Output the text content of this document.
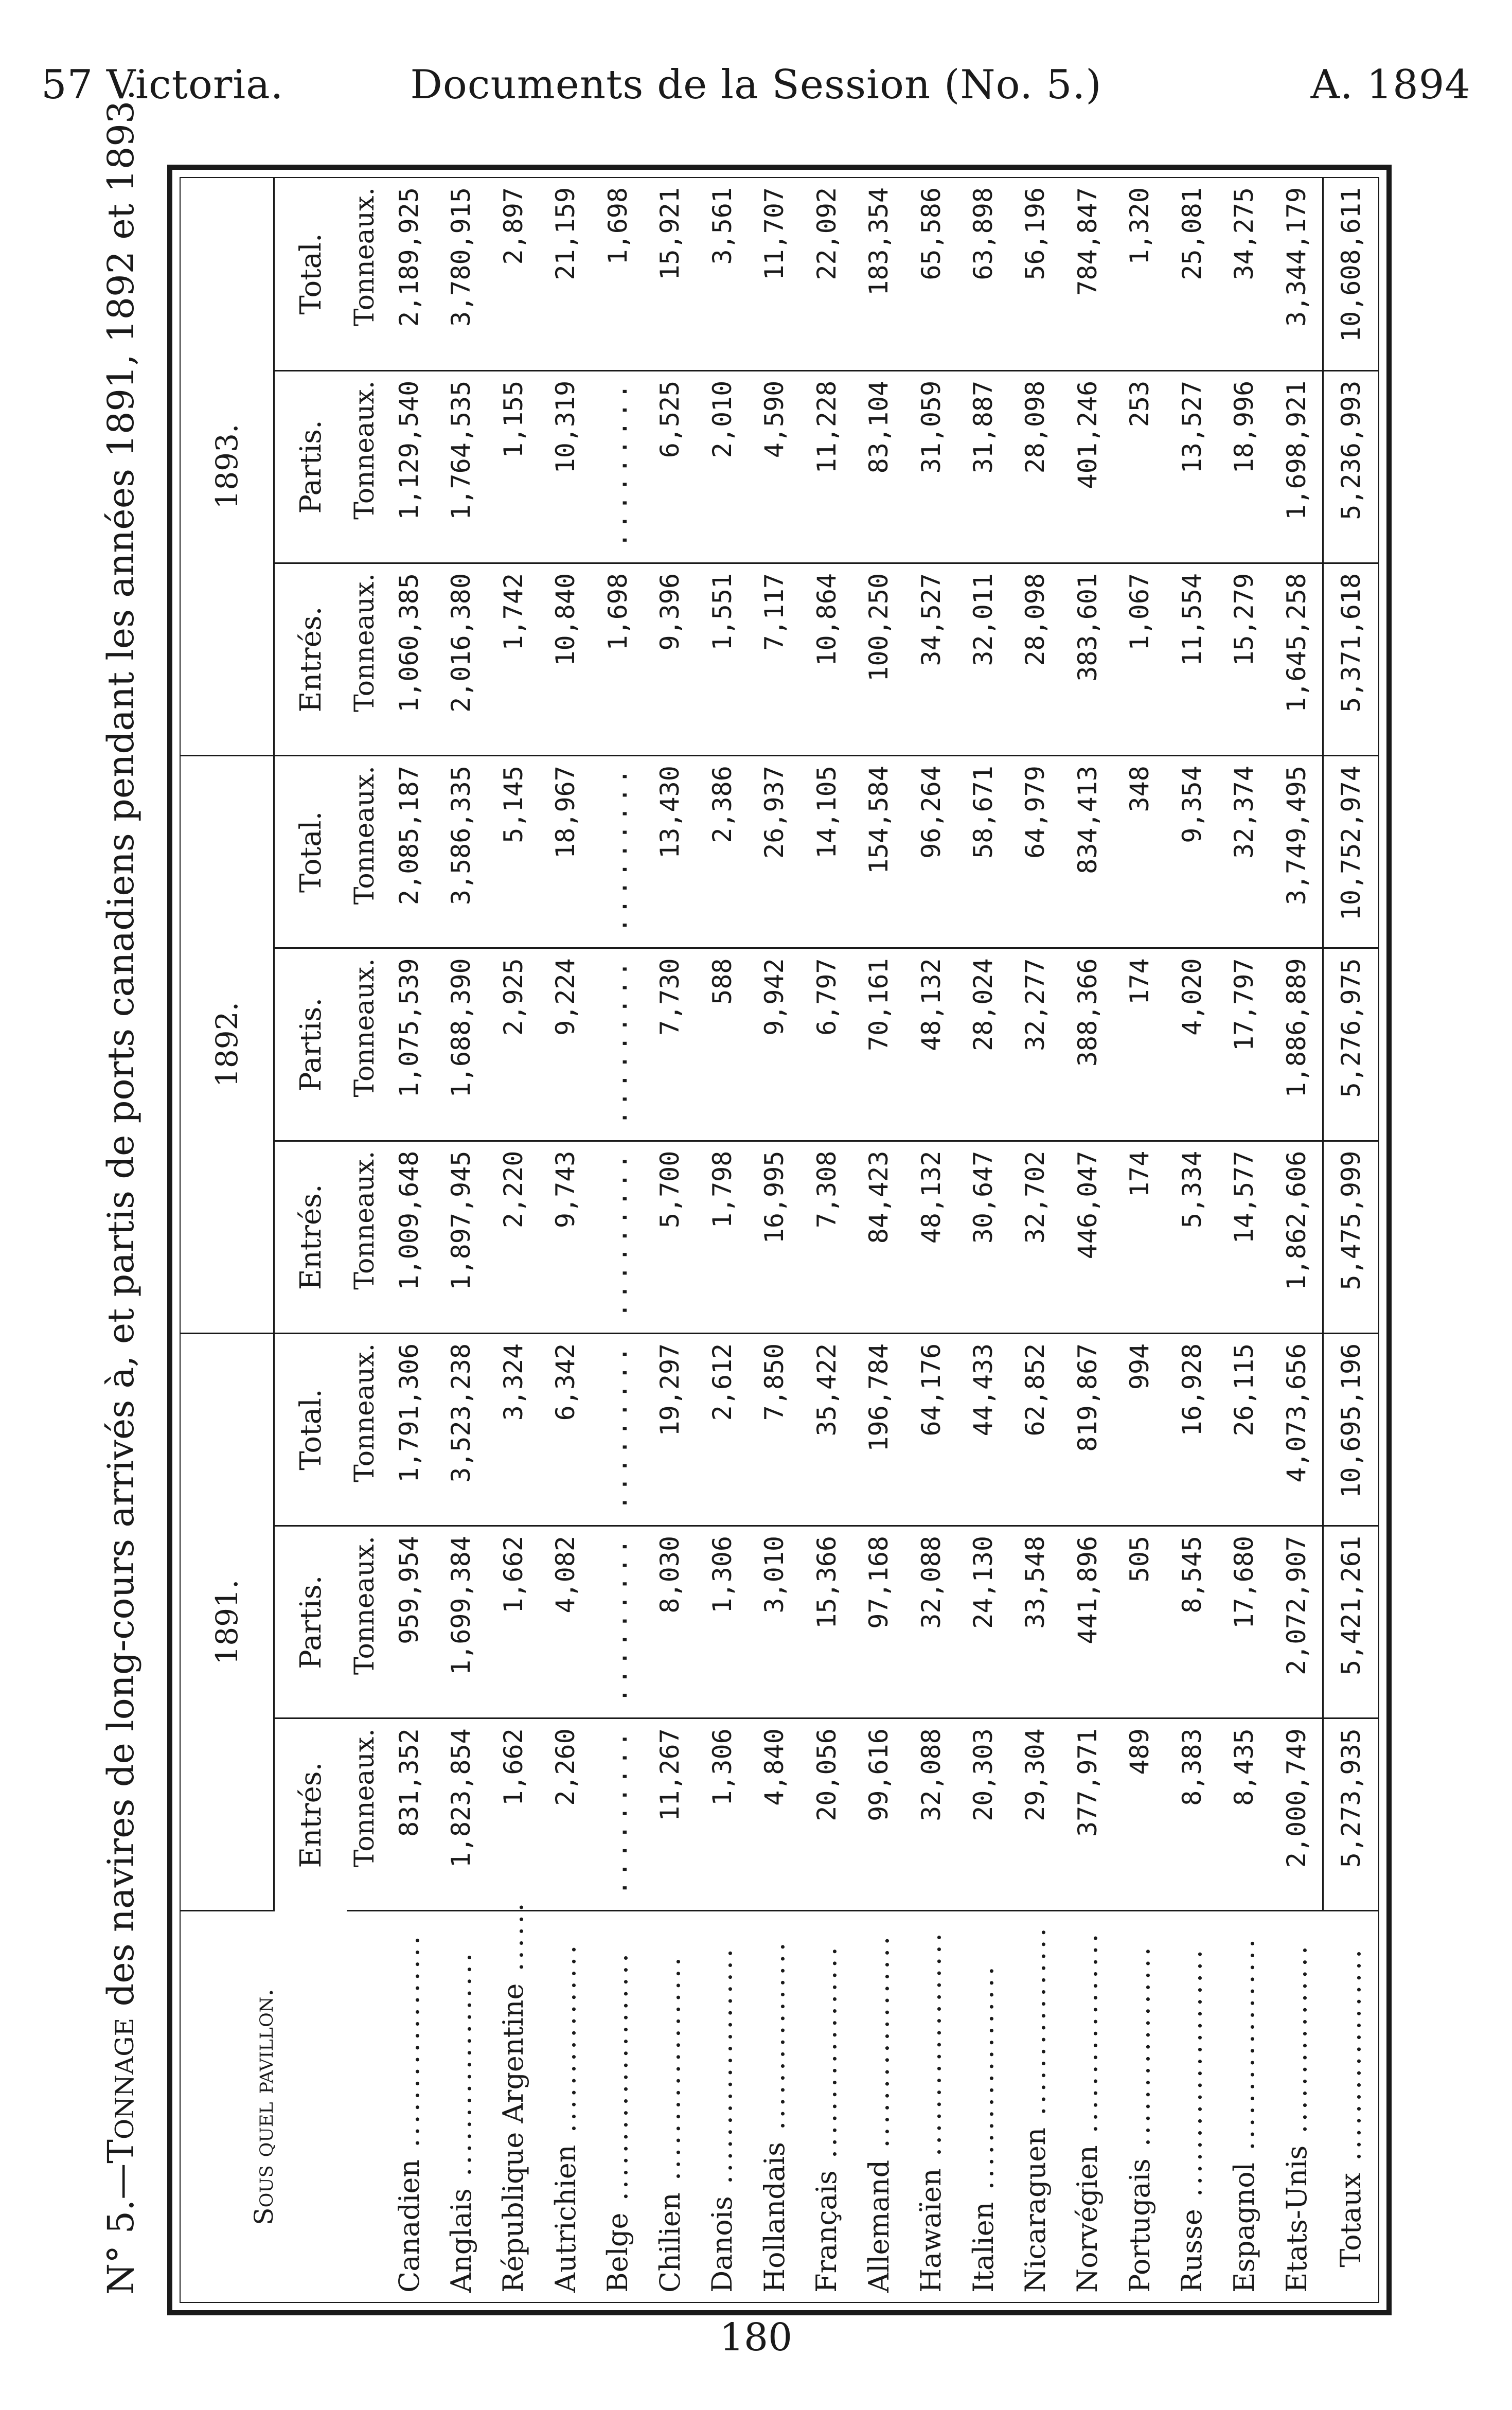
57 Victoria.	Documents de la Session (No. 5.)	A. 1894
N° 5.—Tonnage des navires de long-cours arrivés à, et partis de ports canadiens pendant les années 1891, 1892 et 1893.
Sous quel pavillon.	1891.			1892.			1893.		
	Entrés.	Partis.	Total.	Entrés.	Partis.	Total.	Entrés.	Partis.	Total.
	Tonneaux.	Tonneaux.	Tonneaux.	Tonneaux.	Tonneaux.	Tonneaux.	Tonneaux.	Tonneaux.	Tonneaux.
Canadien ..................	831,352	959,954	1,791,306	1,009,648	1,075,539	2,085,187	1,060,385	1,129,540	2,189,925
Anglais ...................	1,823,854	1,699,384	3,523,238	1,897,945	1,688,390	3,586,335	2,016,380	1,764,535	3,780,915
République Argentine ......	1,662	1,662	3,324	2,220	2,925	5,145	1,742	1,155	2,897
Autrichien ................	2,260	4,082	6,342	9,743	9,224	18,967	10,840	10,319	21,159
Belge .....................	.........	.........	.........	.........	.........	.........	1,698	.........	1,698
Chilien ...................	11,267	8,030	19,297	5,700	7,730	13,430	9,396	6,525	15,921
Danois ....................	1,306	1,306	2,612	1,798	588	2,386	1,551	2,010	3,561
Hollandais ................	4,840	3,010	7,850	16,995	9,942	26,937	7,117	4,590	11,707
Français ..................	20,056	15,366	35,422	7,308	6,797	14,105	10,864	11,228	22,092
Allemand ..................	99,616	97,168	196,784	84,423	70,161	154,584	100,250	83,104	183,354
Hawaïen ...................	32,088	32,088	64,176	48,132	48,132	96,264	34,527	31,059	65,586
Italien ...................	20,303	24,130	44,433	30,647	28,024	58,671	32,011	31,887	63,898
Nicaraguen ................	29,304	33,548	62,852	32,702	32,277	64,979	28,098	28,098	56,196
Norvégien .................	377,971	441,896	819,867	446,047	388,366	834,413	383,601	401,246	784,847
Portugais .................	489	505	994	174	174	348	1,067	253	1,320
Russe .....................	8,383	8,545	16,928	5,334	4,020	9,354	11,554	13,527	25,081
Espagnol ..................	8,435	17,680	26,115	14,577	17,797	32,374	15,279	18,996	34,275
Etats-Unis ................	2,000,749	2,072,907	4,073,656	1,862,606	1,886,889	3,749,495	1,645,258	1,698,921	3,344,179
Totaux ..................	5,273,935	5,421,261	10,695,196	5,475,999	5,276,975	10,752,974	5,371,618	5,236,993	10,608,611
180
